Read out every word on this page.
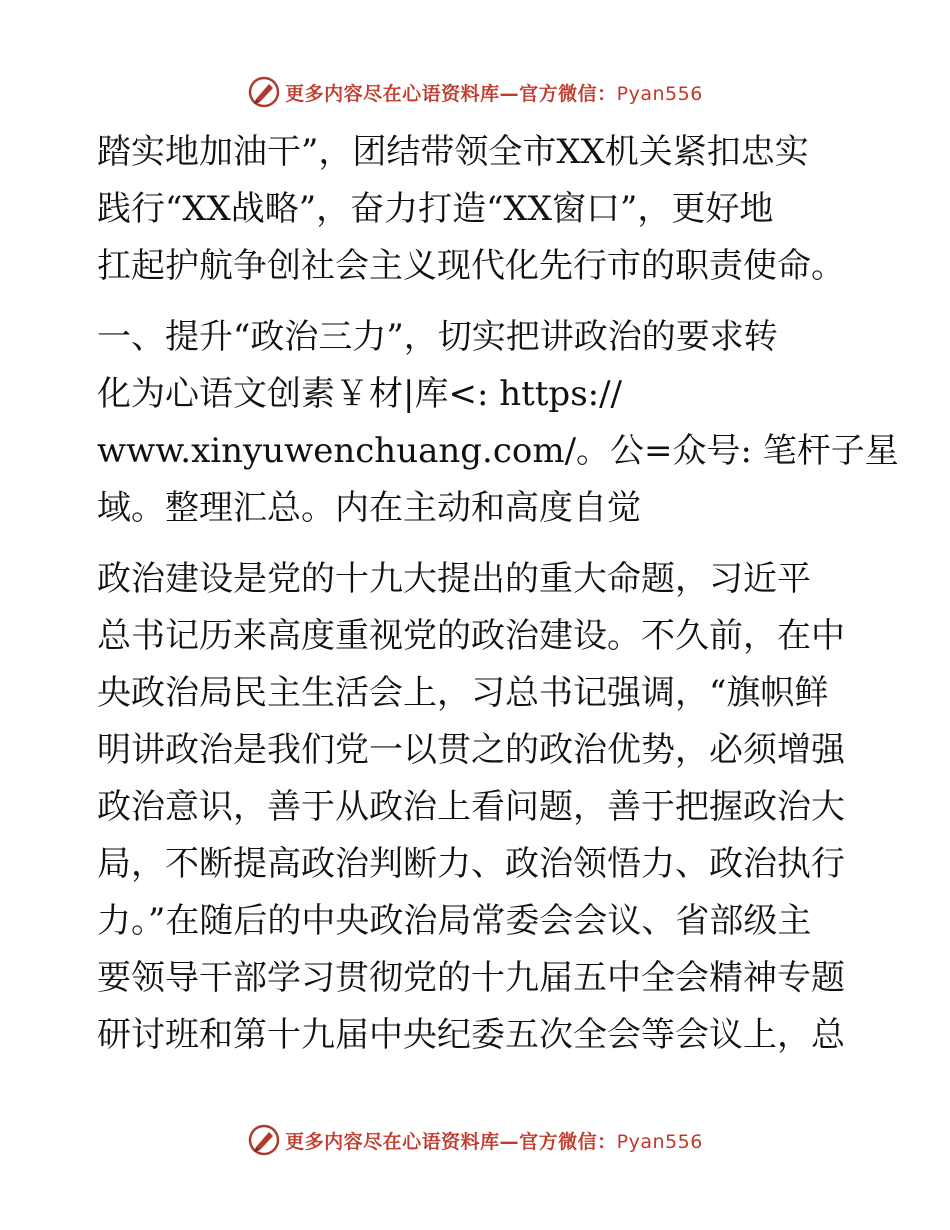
更多内容尽在心语资料库—官方微信：Pyan556
踏实地加油干”，团结带领全市XX机关紧扣忠实
践行“XX战略”，奋力打造“XX窗口”，更好地
扛起护航争创社会主义现代化先行市的职责使命。
一、提升“政治三力”，切实把讲政治的要求转
化为心语文创素￥材|库<: https://
www.xinyuwenchuang.com/。公=众号: 笔杆子星
域。整理汇总。内在主动和高度自觉
政治建设是党的十九大提出的重大命题，习近平
总书记历来高度重视党的政治建设。不久前，在中
央政治局民主生活会上，习总书记强调，“旗帜鲜
明讲政治是我们党一以贯之的政治优势，必须增强
政治意识，善于从政治上看问题，善于把握政治大
局，不断提高政治判断力、政治领悟力、政治执行
力。”在随后的中央政治局常委会会议、省部级主
要领导干部学习贯彻党的十九届五中全会精神专题
研讨班和第十九届中央纪委五次全会等会议上，总
更多内容尽在心语资料库—官方微信：Pyan556
